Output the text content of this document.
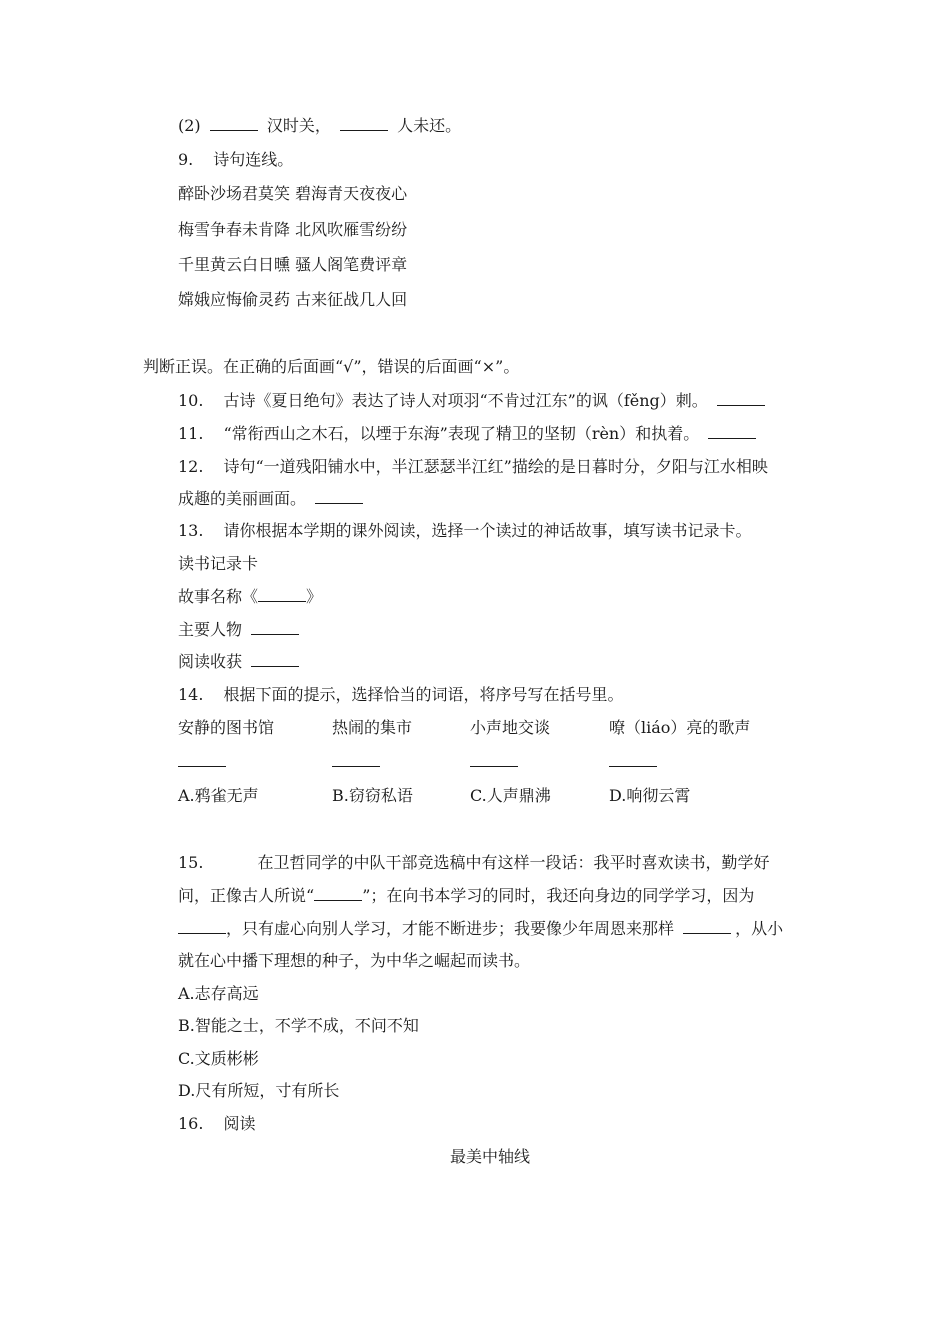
(2)	汉时关，	人未还。
9. 诗句连线。
醉卧沙场君莫笑 碧海青天夜夜心
梅雪争春未肯降 北风吹雁雪纷纷
千里黄云白日曛 骚人阁笔费评章
嫦娥应悔偷灵药 古来征战几人回
判断正误。在正确的后面画“√”，错误的后面画“×”。
10. 古诗《夏日绝句》表达了诗人对项羽“不肯过江东”的讽（fěng）刺。
11. “常衔西山之木石，以堙于东海”表现了精卫的坚韧（rèn）和执着。
12. 诗句“一道残阳铺水中，半江瑟瑟半江红”描绘的是日暮时分，夕阳与江水相映
成趣的美丽画面。
13. 请你根据本学期的课外阅读，选择一个读过的神话故事，填写读书记录卡。
读书记录卡
故事名称《	》
主要人物
阅读收获
14. 根据下面的提示，选择恰当的词语，将序号写在括号里。
安静的图书馆	热闹的集市	小声地交谈	嘹（liáo）亮的歌声
A.鸦雀无声	B.窃窃私语	C.人声鼎沸	D.响彻云霄
15.	在卫哲同学的中队干部竞选稿中有这样一段话：我平时喜欢读书，勤学好
问，正像古人所说“	”；在向书本学习的同时，我还向身边的同学学习，因为
，只有虚心向别人学习，才能不断进步；我要像少年周恩来那样	，从小
就在心中播下理想的种子，为中华之崛起而读书。
A.志存高远
B.智能之士，不学不成，不问不知
C.文质彬彬
D.尺有所短，寸有所长
16. 阅读
最美中轴线
